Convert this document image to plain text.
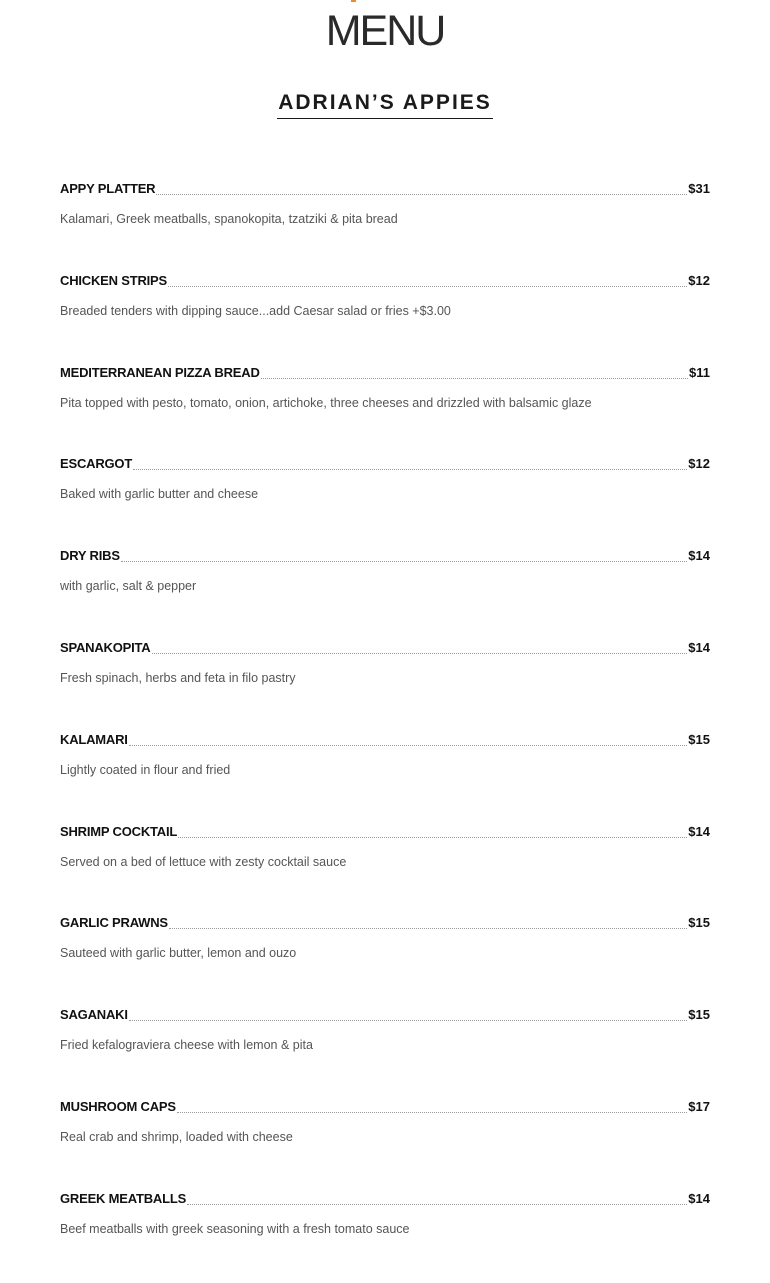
MENU
ADRIAN’S APPIES
APPY PLATTER	$31
Kalamari, Greek meatballs, spanokopita, tzatziki & pita bread
CHICKEN STRIPS	$12
Breaded tenders with dipping sauce...add Caesar salad or fries +$3.00
MEDITERRANEAN PIZZA BREAD	$11
Pita topped with pesto, tomato, onion, artichoke, three cheeses and drizzled with balsamic glaze
ESCARGOT	$12
Baked with garlic butter and cheese
DRY RIBS	$14
with garlic, salt & pepper
SPANAKOPITA	$14
Fresh spinach, herbs and feta in filo pastry
KALAMARI	$15
Lightly coated in flour and fried
SHRIMP COCKTAIL	$14
Served on a bed of lettuce with zesty cocktail sauce
GARLIC PRAWNS	$15
Sauteed with garlic butter, lemon and ouzo
SAGANAKI	$15
Fried kefalograviera cheese with lemon & pita
MUSHROOM CAPS	$17
Real crab and shrimp, loaded with cheese
GREEK MEATBALLS	$14
Beef meatballs with greek seasoning with a fresh tomato sauce
